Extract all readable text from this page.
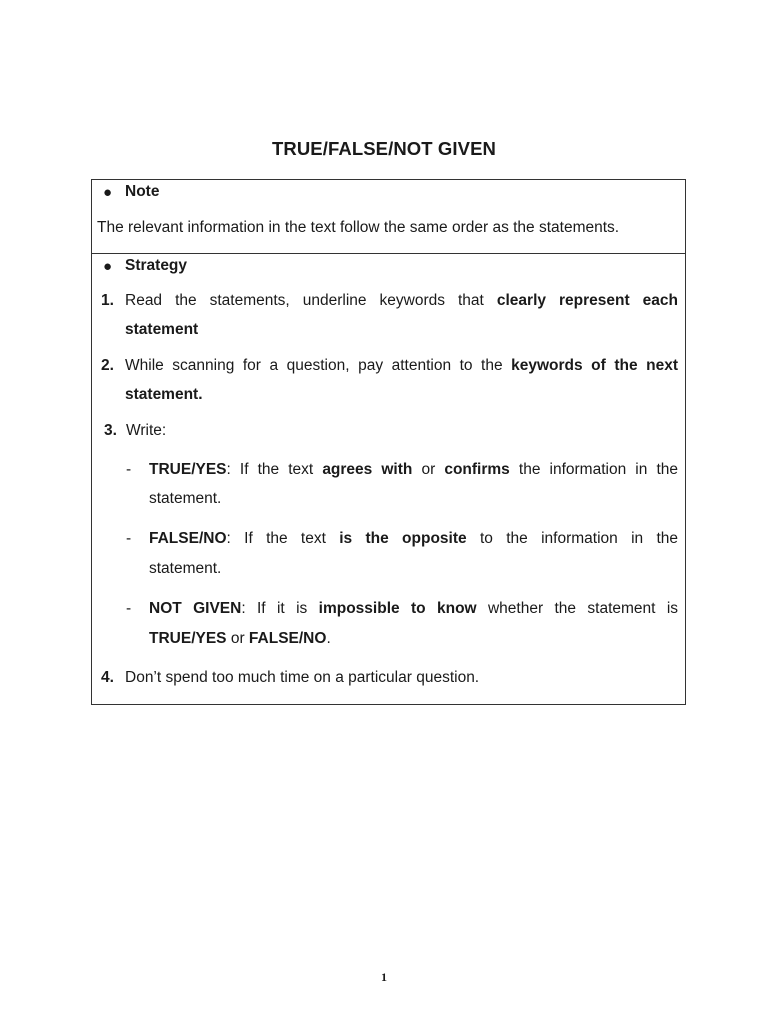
TRUE/FALSE/NOT GIVEN
● Note
The relevant information in the text follow the same order as the statements.
● Strategy
1. Read the statements, underline keywords that clearly represent each
statement
2. While scanning for a question, pay attention to the keywords of the next
statement.
3. Write:
- TRUE/YES: If the text agrees with or confirms the information in the
statement.
- FALSE/NO: If the text is the opposite to the information in the
statement.
- NOT GIVEN: If it is impossible to know whether the statement is
TRUE/YES or FALSE/NO.
4. Don’t spend too much time on a particular question.
1
